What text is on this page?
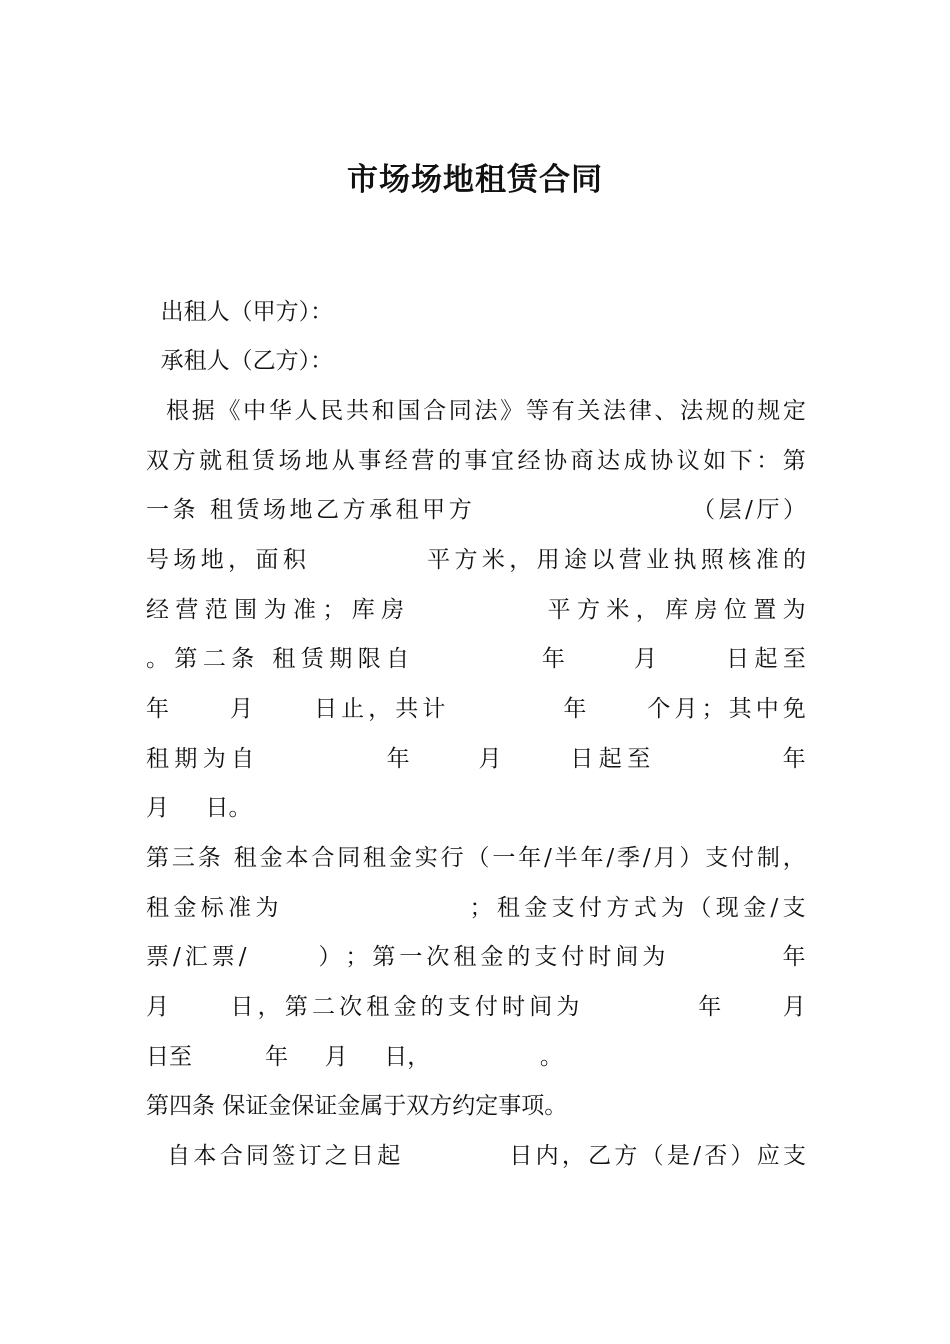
市场场地租赁合同
出租人（甲方）：
承租人（乙方）：

根 据 《 中 华 人 民 共 和 国 合 同 法 》 等 有 关 法 律 、 法 规 的 规 定
双 方 就 租 赁 场 地 从 事 经 营 的 事 宜 经 协 商 达 成 协 议 如 下 ： 第
一 条
租 赁 场 地 乙 方 承 租 甲 方

	（ 层 / 厅 ）
号 场 地 ， 面 积

	平 方 米 ， 用 途 以 营 业 执 照 核 准 的
经 营 范 围 为 准 ； 库 房

	平 方 米 ， 库 房 位 置 为
。 第 二 条
租 赁 期 限 自

	年

	月

	日 起 至
年

	月

	日 止 ， 共 计

	年

	个 月 ； 其 中 免
租 期 为 自

	年

	月

	日 起 至

	年
月     日。
第 三 条
租 金 本 合 同 租 金 实 行 （ 一 年 / 半 年 / 季 / 月 ） 支 付 制 ，
租 金 标 准 为

	； 租 金 支 付 方 式 为 （ 现 金 / 支
票 / 汇 票 /

	） ； 第 一 次 租 金 的 支 付 时 间 为

	年
月

	日 ， 第 二 次 租 金 的 支 付 时 间 为

	年

	月
日至          年     月     日，               。
第四条 保证金保证金属于双方约定事项。

自 本 合 同 签 订 之 日 起

	日 内 ， 乙 方 （ 是 / 否 ） 应 支
